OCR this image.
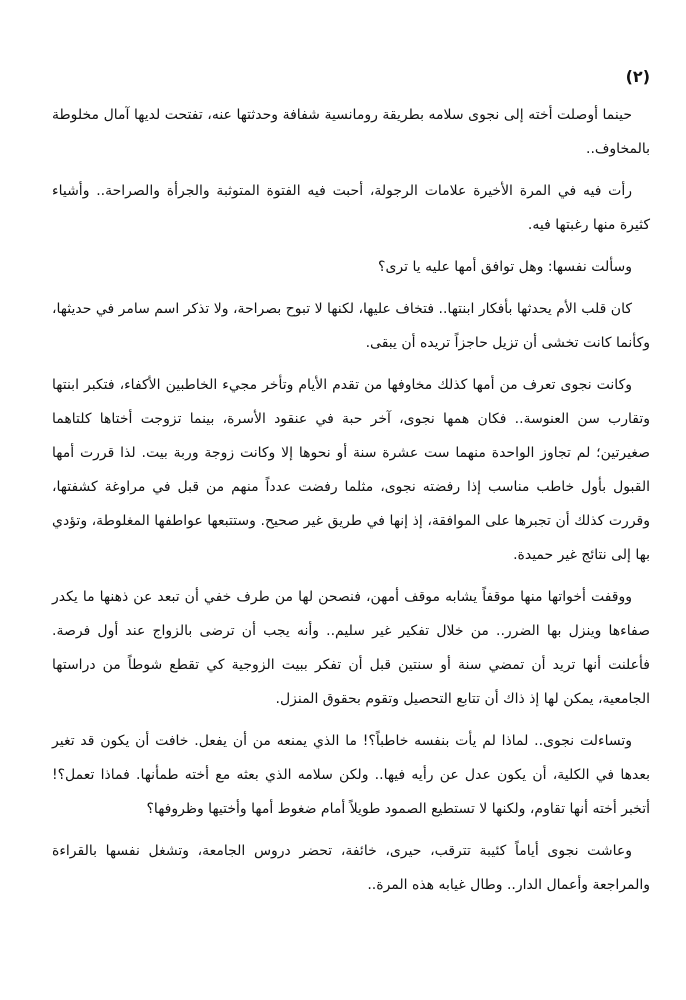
(٢)

حينما أوصلت أخته إلى نجوى سلامه بطريقة رومانسية شفافة وحدثتها عنه، تفتحت لديها آمال مخلوطة بالمخاوف..

رأت فيه في المرة الأخيرة علامات الرجولة، أحبت فيه الفتوة المتوثبة والجرأة والصراحة.. وأشياء كثيرة منها رغبتها فيه.

وسألت نفسها: وهل توافق أمها عليه يا ترى؟

كان قلب الأم يحدثها بأفكار ابنتها.. فتخاف عليها، لكنها لا تبوح بصراحة، ولا تذكر اسم سامر في حديثها، وكأنما كانت تخشى أن تزيل حاجزاً تريده أن يبقى.

وكانت نجوى تعرف من أمها كذلك مخاوفها من تقدم الأيام وتأخر مجيء الخاطبين الأكفاء، فتكبر ابنتها وتقارب سن العنوسة.. فكان همها نجوى، آخر حبة في عنقود الأسرة، بينما تزوجت أختاها كلتاهما صغيرتين؛ لم تجاوز الواحدة منهما ست عشرة سنة أو نحوها إلا وكانت زوجة وربة بيت. لذا قررت أمها القبول بأول خاطب مناسب إذا رفضته نجوى، مثلما رفضت عدداً منهم من قبل في مراوغة كشفتها، وقررت كذلك أن تجبرها على الموافقة، إذ إنها في طريق غير صحيح. وستتبعها عواطفها المغلوطة، وتؤدي بها إلى نتائج غير حميدة.

ووقفت أخواتها منها موقفاً يشابه موقف أمهن، فنصحن لها من طرف خفي أن تبعد عن ذهنها ما يكدر صفاءها وينزل بها الضرر.. من خلال تفكير غير سليم.. وأنه يجب أن ترضى بالزواج عند أول فرصة. فأعلنت أنها تريد أن تمضي سنة أو سنتين قبل أن تفكر ببيت الزوجية كي تقطع شوطاً من دراستها الجامعية، يمكن لها إذ ذاك أن تتابع التحصيل وتقوم بحقوق المنزل.

وتساءلت نجوى.. لماذا لم يأت بنفسه خاطباً؟! ما الذي يمنعه من أن يفعل. خافت أن يكون قد تغير بعدها في الكلية، أن يكون عدل عن رأيه فيها.. ولكن سلامه الذي بعثه مع أخته طمأنها. فماذا تعمل؟! أتخبر أخته أنها تقاوم، ولكنها لا تستطيع الصمود طويلاً أمام ضغوط أمها وأختيها وظروفها؟

وعاشت نجوى أياماً كئيبة تترقب، حيرى، خائفة، تحضر دروس الجامعة، وتشغل نفسها بالقراءة والمراجعة وأعمال الدار.. وطال غيابه هذه المرة..
